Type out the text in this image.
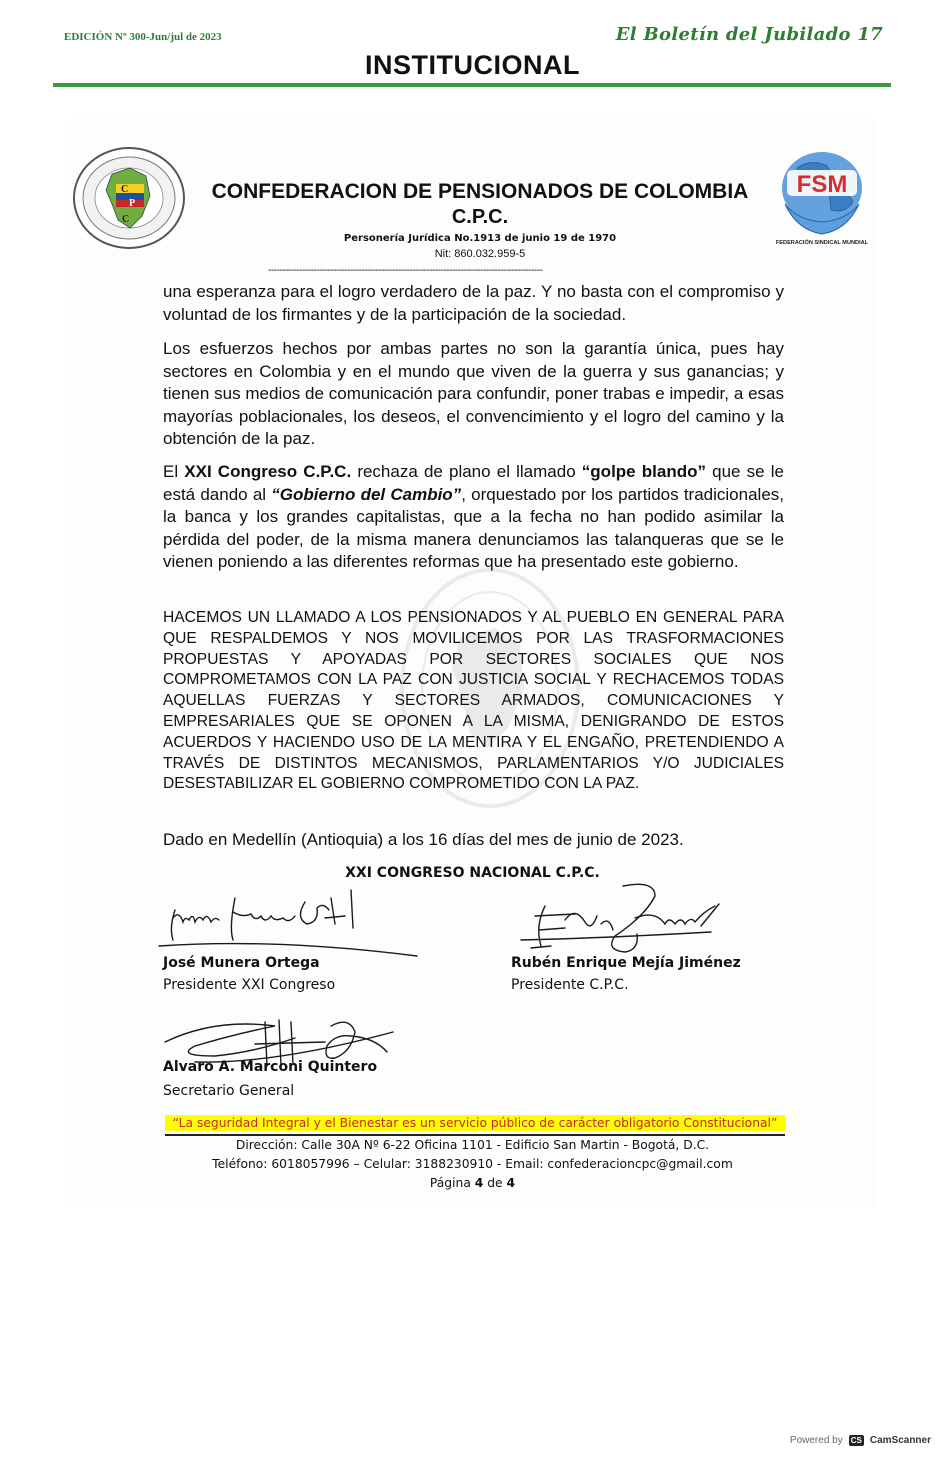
EDICIÓN Nº 300-Jun/jul de 2023	El Boletín del Jubilado 17
INSTITUCIONAL
C
P
C
FSM
FEDERACIÓN SINDICAL MUNDIAL
CONFEDERACION DE PENSIONADOS DE COLOMBIA
C.P.C.
Personería Jurídica No.1913 de junio 19 de 1970
Nit: 860.032.959-5
-------------------------------------------------------------------------------------------------
una esperanza para el logro verdadero de la paz. Y no basta con el compromiso y voluntad de los firmantes y de la participación de la sociedad.
Los esfuerzos hechos por ambas partes no son la garantía única, pues hay sectores en Colombia y en el mundo que viven de la guerra y sus ganancias; y tienen sus medios de comunicación para confundir, poner trabas e impedir, a esas mayorías poblacionales, los deseos, el convencimiento y el logro del camino y la obtención de la paz.
El XXI Congreso C.P.C. rechaza de plano el llamado “golpe blando” que se le está dando al “Gobierno del Cambio”, orquestado por los partidos tradicionales, la banca y los grandes capitalistas, que a la fecha no han podido asimilar la pérdida del poder, de la misma manera denunciamos las talanqueras que se le vienen poniendo a las diferentes reformas que ha presentado este gobierno.
HACEMOS UN LLAMADO A LOS PENSIONADOS Y AL PUEBLO EN GENERAL PARA QUE RESPALDEMOS Y NOS MOVILICEMOS POR LAS TRASFORMACIONES PROPUESTAS Y APOYADAS POR SECTORES SOCIALES QUE NOS COMPROMETAMOS CON LA PAZ CON JUSTICIA SOCIAL Y RECHACEMOS TODAS AQUELLAS FUERZAS Y SECTORES ARMADOS, COMUNICACIONES Y EMPRESARIALES QUE SE OPONEN A LA MISMA, DENIGRANDO DE ESTOS ACUERDOS Y HACIENDO USO DE LA MENTIRA Y EL ENGAÑO, PRETENDIENDO A TRAVÉS DE DISTINTOS MECANISMOS, PARLAMENTARIOS Y/O JUDICIALES DESESTABILIZAR EL GOBIERNO COMPROMETIDO CON LA PAZ.
Dado en Medellín (Antioquia) a los 16 días del mes de junio de 2023.
XXI CONGRESO NACIONAL C.P.C.
José Munera Ortega
Presidente XXI Congreso
Rubén Enrique Mejía Jiménez
Presidente C.P.C.
Alvaro A. Marconi Quintero
Secretario General
“La seguridad Integral y el Bienestar es un servicio público de carácter obligatorio Constitucional”
Dirección: Calle 30A Nº 6-22 Oficina 1101 - Edificio San Martin - Bogotá, D.C.
Teléfono: 6018057996 – Celular: 3188230910 - Email: confederacioncpc@gmail.com
Página 4 de 4
Powered by CS CamScanner
